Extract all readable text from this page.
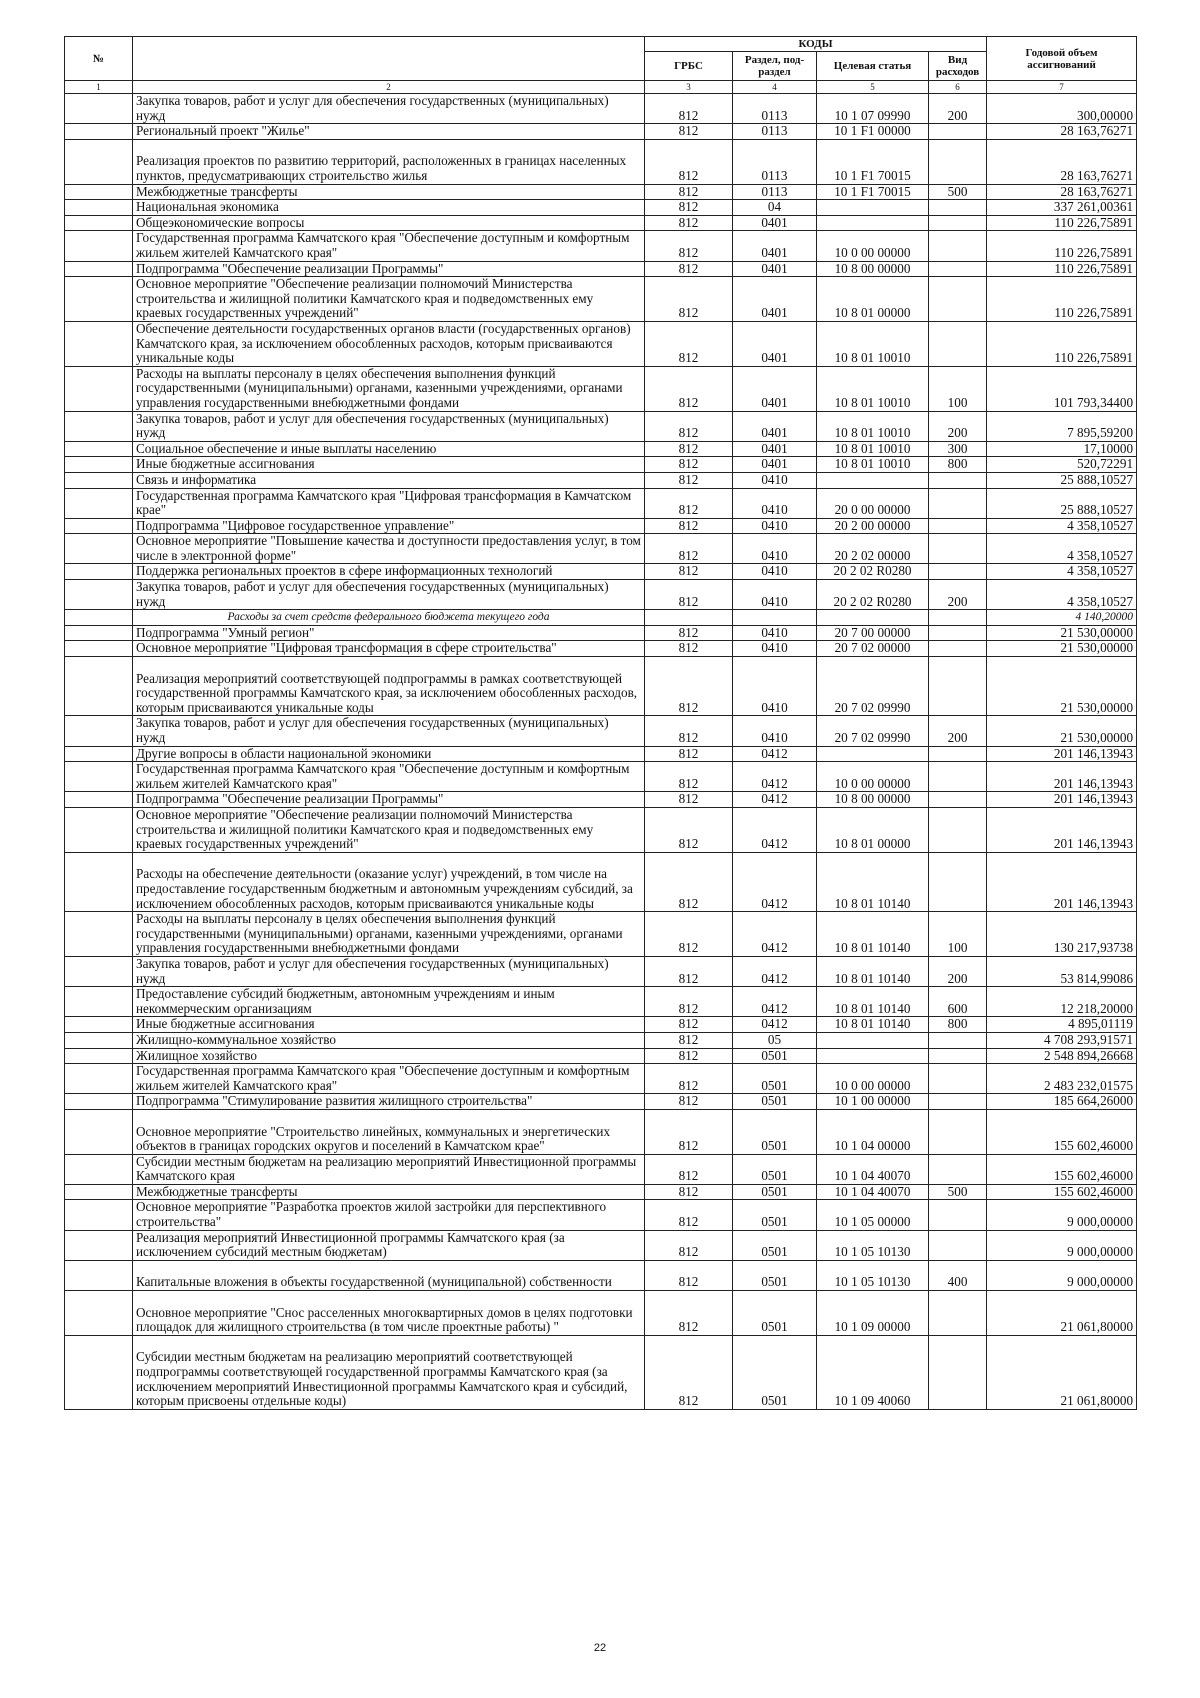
№		КОДЫ				Годовой объем ассигнований
		ГРБС	Раздел, под-раздел	Целевая статья	Вид расходов	
1	2	3	4	5	6	7
	Закупка товаров, работ и услуг для обеспечения государственных (муниципальных) нужд	812	0113	10 1 07 09990	200	300,00000
	Региональный проект "Жилье"	812	0113	10 1 F1 00000		28 163,76271
	Реализация проектов по развитию территорий, расположенных в границах населенных пунктов, предусматривающих строительство жилья	812	0113	10 1 F1 70015		28 163,76271
	Межбюджетные трансферты	812	0113	10 1 F1 70015	500	28 163,76271
	Национальная экономика	812	04			337 261,00361
	Общеэкономические вопросы	812	0401			110 226,75891
	Государственная программа Камчатского края "Обеспечение доступным и комфортным жильем жителей Камчатского края"	812	0401	10 0 00 00000		110 226,75891
	Подпрограмма "Обеспечение реализации Программы"	812	0401	10 8 00 00000		110 226,75891
	Основное мероприятие "Обеспечение реализации полномочий Министерства строительства и жилищной политики Камчатского края и подведомственных ему краевых государственных учреждений"	812	0401	10 8 01 00000		110 226,75891
	Обеспечение деятельности государственных органов власти (государственных органов) Камчатского края, за исключением обособленных расходов, которым присваиваются уникальные коды	812	0401	10 8 01 10010		110 226,75891
	Расходы на выплаты персоналу в целях обеспечения выполнения функций государственными (муниципальными) органами, казенными учреждениями, органами управления государственными внебюджетными фондами	812	0401	10 8 01 10010	100	101 793,34400
	Закупка товаров, работ и услуг для обеспечения государственных (муниципальных) нужд	812	0401	10 8 01 10010	200	7 895,59200
	Социальное обеспечение и иные выплаты населению	812	0401	10 8 01 10010	300	17,10000
	Иные бюджетные ассигнования	812	0401	10 8 01 10010	800	520,72291
	Связь и информатика	812	0410			25 888,10527
	Государственная программа Камчатского края "Цифровая трансформация в Камчатском крае"	812	0410	20 0 00 00000		25 888,10527
	Подпрограмма "Цифровое государственное управление"	812	0410	20 2 00 00000		4 358,10527
	Основное мероприятие "Повышение качества и доступности предоставления услуг, в том числе в электронной форме"	812	0410	20 2 02 00000		4 358,10527
	Поддержка региональных проектов в сфере информационных технологий	812	0410	20 2 02 R0280		4 358,10527
	Закупка товаров, работ и услуг для обеспечения государственных (муниципальных) нужд	812	0410	20 2 02 R0280	200	4 358,10527
	Расходы за счет средств федерального бюджета текущего года					4 140,20000
	Подпрограмма "Умный регион"	812	0410	20 7 00 00000		21 530,00000
	Основное мероприятие "Цифровая трансформация в сфере строительства"	812	0410	20 7 02 00000		21 530,00000
	Реализация мероприятий соответствующей подпрограммы в рамках соответствующей государственной программы Камчатского края, за исключением обособленных расходов, которым присваиваются уникальные коды	812	0410	20 7 02 09990		21 530,00000
	Закупка товаров, работ и услуг для обеспечения государственных (муниципальных) нужд	812	0410	20 7 02 09990	200	21 530,00000
	Другие вопросы в области национальной экономики	812	0412			201 146,13943
	Государственная программа Камчатского края "Обеспечение доступным и комфортным жильем жителей Камчатского края"	812	0412	10 0 00 00000		201 146,13943
	Подпрограмма "Обеспечение реализации Программы"	812	0412	10 8 00 00000		201 146,13943
	Основное мероприятие "Обеспечение реализации полномочий Министерства строительства и жилищной политики Камчатского края и подведомственных ему краевых государственных учреждений"	812	0412	10 8 01 00000		201 146,13943
	Расходы на обеспечение деятельности (оказание услуг) учреждений, в том числе на предоставление государственным бюджетным и автономным учреждениям субсидий, за исключением обособленных расходов, которым присваиваются уникальные коды	812	0412	10 8 01 10140		201 146,13943
	Расходы на выплаты персоналу в целях обеспечения выполнения функций государственными (муниципальными) органами, казенными учреждениями, органами управления государственными внебюджетными фондами	812	0412	10 8 01 10140	100	130 217,93738
	Закупка товаров, работ и услуг для обеспечения государственных (муниципальных) нужд	812	0412	10 8 01 10140	200	53 814,99086
	Предоставление субсидий бюджетным, автономным учреждениям и иным некоммерческим организациям	812	0412	10 8 01 10140	600	12 218,20000
	Иные бюджетные ассигнования	812	0412	10 8 01 10140	800	4 895,01119
	Жилищно-коммунальное хозяйство	812	05			4 708 293,91571
	Жилищное хозяйство	812	0501			2 548 894,26668
	Государственная программа Камчатского края "Обеспечение доступным и комфортным жильем жителей Камчатского края"	812	0501	10 0 00 00000		2 483 232,01575
	Подпрограмма "Стимулирование развития жилищного строительства"	812	0501	10 1 00 00000		185 664,26000
	Основное мероприятие "Строительство линейных, коммунальных и энергетических объектов в границах городских округов и поселений в Камчатском крае"	812	0501	10 1 04 00000		155 602,46000
	Субсидии местным бюджетам на реализацию мероприятий Инвестиционной программы Камчатского края	812	0501	10 1 04 40070		155 602,46000
	Межбюджетные трансферты	812	0501	10 1 04 40070	500	155 602,46000
	Основное мероприятие "Разработка проектов жилой застройки для перспективного строительства"	812	0501	10 1 05 00000		9 000,00000
	Реализация мероприятий Инвестиционной программы Камчатского края (за исключением субсидий местным бюджетам)	812	0501	10 1 05 10130		9 000,00000
	Капитальные вложения в объекты государственной (муниципальной) собственности	812	0501	10 1 05 10130	400	9 000,00000
	Основное мероприятие "Снос расселенных многоквартирных домов в целях подготовки площадок для жилищного строительства (в том числе проектные работы) "	812	0501	10 1 09 00000		21 061,80000
	Субсидии местным бюджетам на реализацию мероприятий соответствующей подпрограммы соответствующей государственной программы Камчатского края (за исключением мероприятий Инвестиционной программы Камчатского края и субсидий, которым присвоены отдельные коды)	812	0501	10 1 09 40060		21 061,80000
22
